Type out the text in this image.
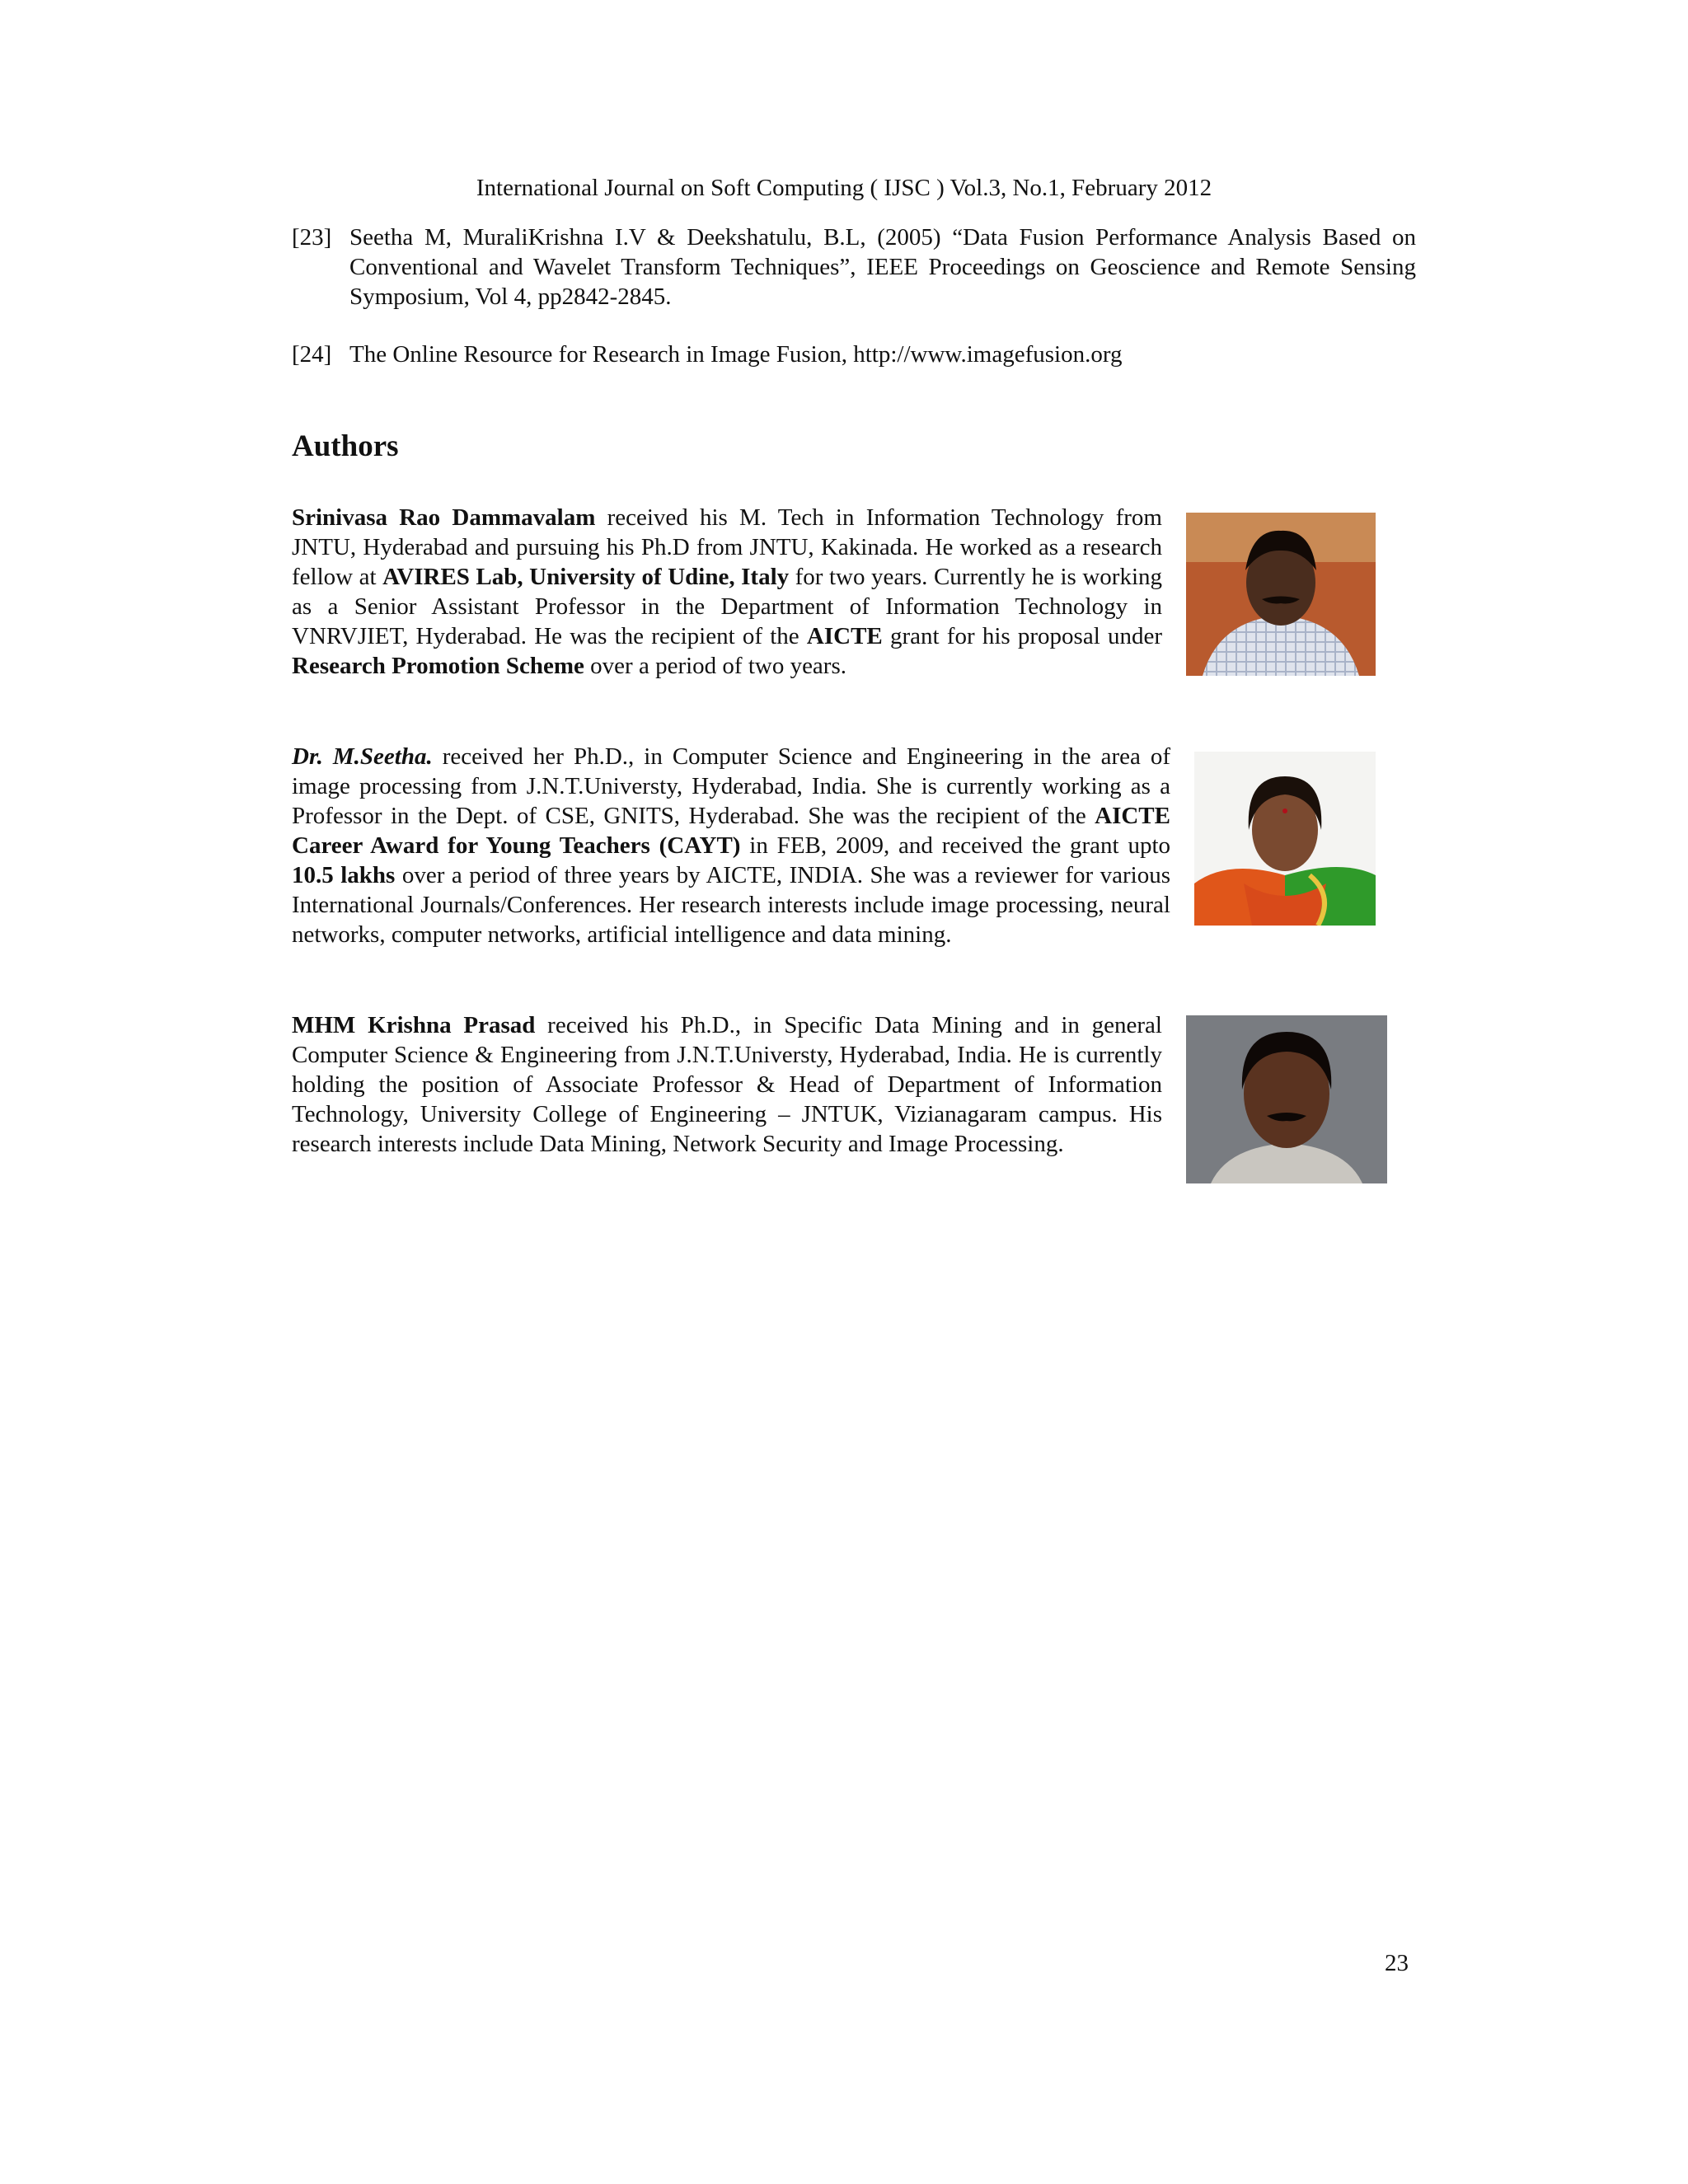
International Journal on Soft Computing ( IJSC ) Vol.3, No.1, February 2012
[23] Seetha M, MuraliKrishna I.V & Deekshatulu, B.L, (2005) “Data Fusion Performance Analysis Based on Conventional and Wavelet Transform Techniques”, IEEE Proceedings on Geoscience and Remote Sensing Symposium, Vol 4, pp2842-2845.
[24] The Online Resource for Research in Image Fusion, http://www.imagefusion.org
Authors

Srinivasa Rao Dammavalam received his M. Tech in Information Technology from JNTU, Hyderabad and pursuing his Ph.D from JNTU, Kakinada. He worked as a research fellow at AVIRES Lab, University of Udine, Italy for two years. Currently he is working as a Senior Assistant Professor in the Department of Information Technology in VNRVJIET, Hyderabad. He was the recipient of the AICTE grant for his proposal under Research Promotion Scheme over a period of two years.

Dr. M.Seetha. received her Ph.D., in Computer Science and Engineering in the area of image processing from J.N.T.Universty, Hyderabad, India. She is currently working as a Professor in the Dept. of CSE, GNITS, Hyderabad. She was the recipient of the AICTE Career Award for Young Teachers (CAYT) in FEB, 2009, and received the grant upto 10.5 lakhs over a period of three years by AICTE, INDIA. She was a reviewer for various International Journals/Conferences. Her research interests include image processing, neural networks, computer networks, artificial intelligence and data mining.

MHM Krishna Prasad received his Ph.D., in Specific Data Mining and in general Computer Science & Engineering from J.N.T.Universty, Hyderabad, India. He is currently holding the position of Associate Professor & Head of Department of Information Technology, University College of Engineering – JNTUK, Vizianagaram campus. His research interests include Data Mining, Network Security and Image Processing.

23
